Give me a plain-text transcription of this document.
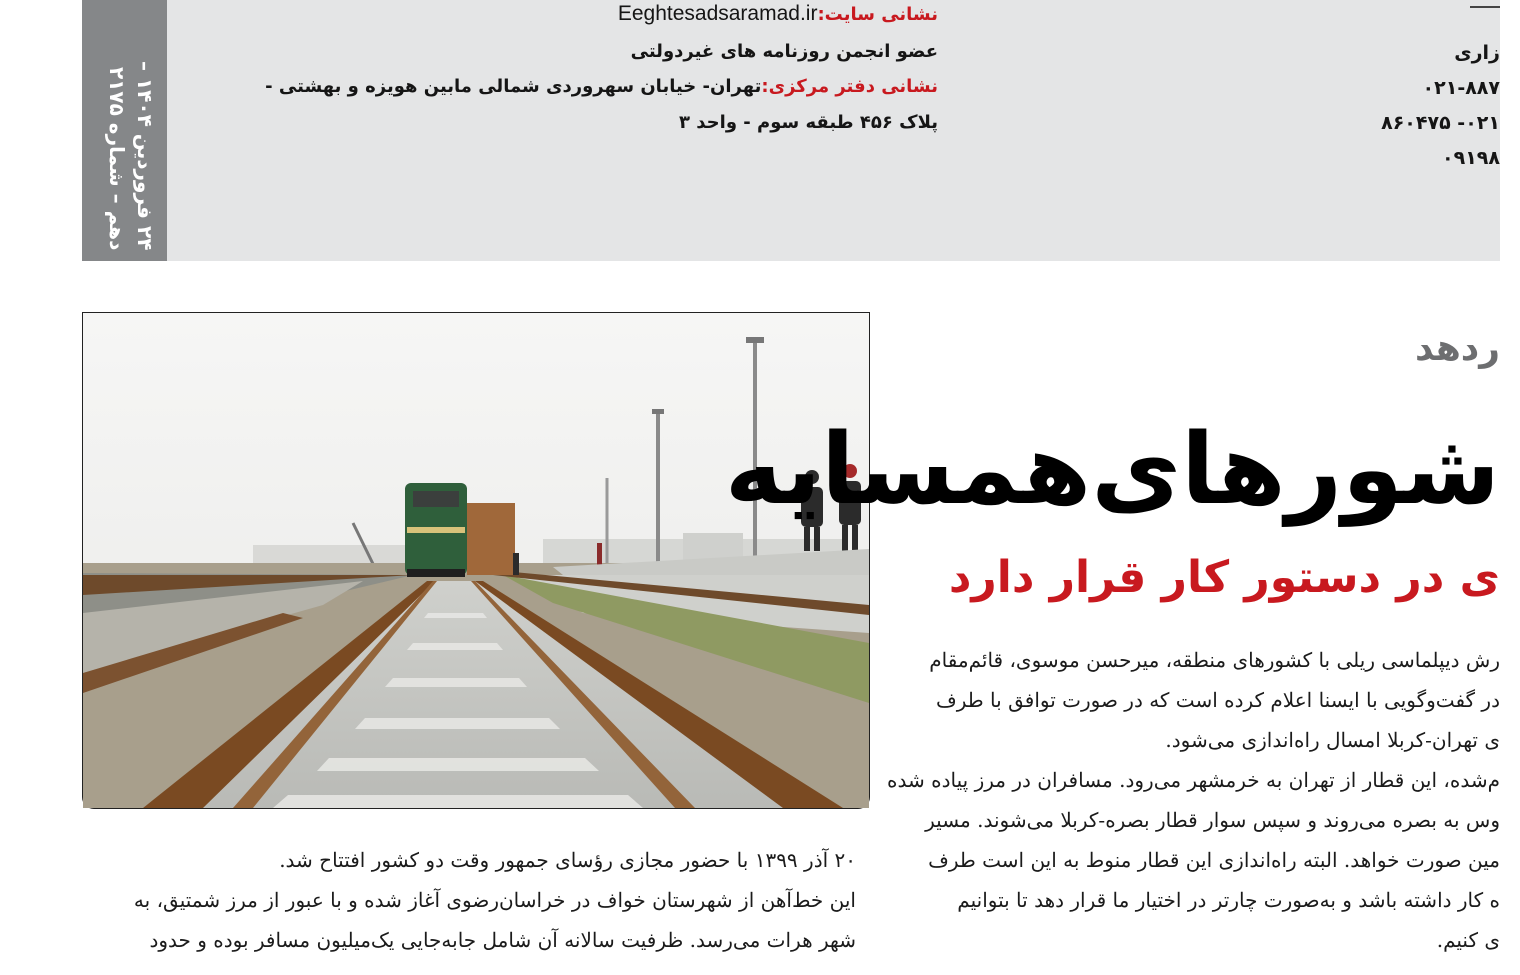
۲۴ فروردین ۱۴۰۴ –
دهم – شماره ۲۱۷۵
نشانی سایت:Eeghtesadsaramad.ir
عضو انجمن روزنامه های غیردولتی
نشانی دفتر مرکزی:تهران- خیابان سهروردی شمالی مابین هویزه و بهشتی -
پلاک ۴۵۶ طبقه سوم - واحد ۳
زاری
۰۲۱-۸۸۷
۰۲۱- ۸۶۰۴۷۵
۰۹۱۹۸
ردهد
شورهای‌همسایه
ی در دستور کار قرار دارد
رش دیپلماسی ریلی با کشورهای منطقه، میرحسن موسوی، قائم‌مقام
در گفت‌وگویی با ایسنا اعلام کرده است که در صورت توافق با طرف
ی تهران-کربلا امسال راه‌اندازی می‌شود.
م‌شده، این قطار از تهران به خرمشهر می‌رود. مسافران در مرز پیاده شده
وس به بصره می‌روند و سپس سوار قطار بصره-کربلا می‌شوند. مسیر
مین صورت خواهد. البته راه‌اندازی این قطار منوط به این است طرف
ه کار داشته باشد و به‌صورت چارتر در اختیار ما قرار دهد تا بتوانیم
ی کنیم.
۲۰ آذر ۱۳۹۹ با حضور مجازی رؤسای جمهور وقت دو کشور افتتاح شد.
این خط‌آهن از شهرستان خواف در خراسان‌رضوی آغاز شده و با عبور از مرز شمتیق، به
شهر هرات می‌رسد. ظرفیت سالانه آن شامل جابه‌جایی یک‌میلیون مسافر بوده و حدود
